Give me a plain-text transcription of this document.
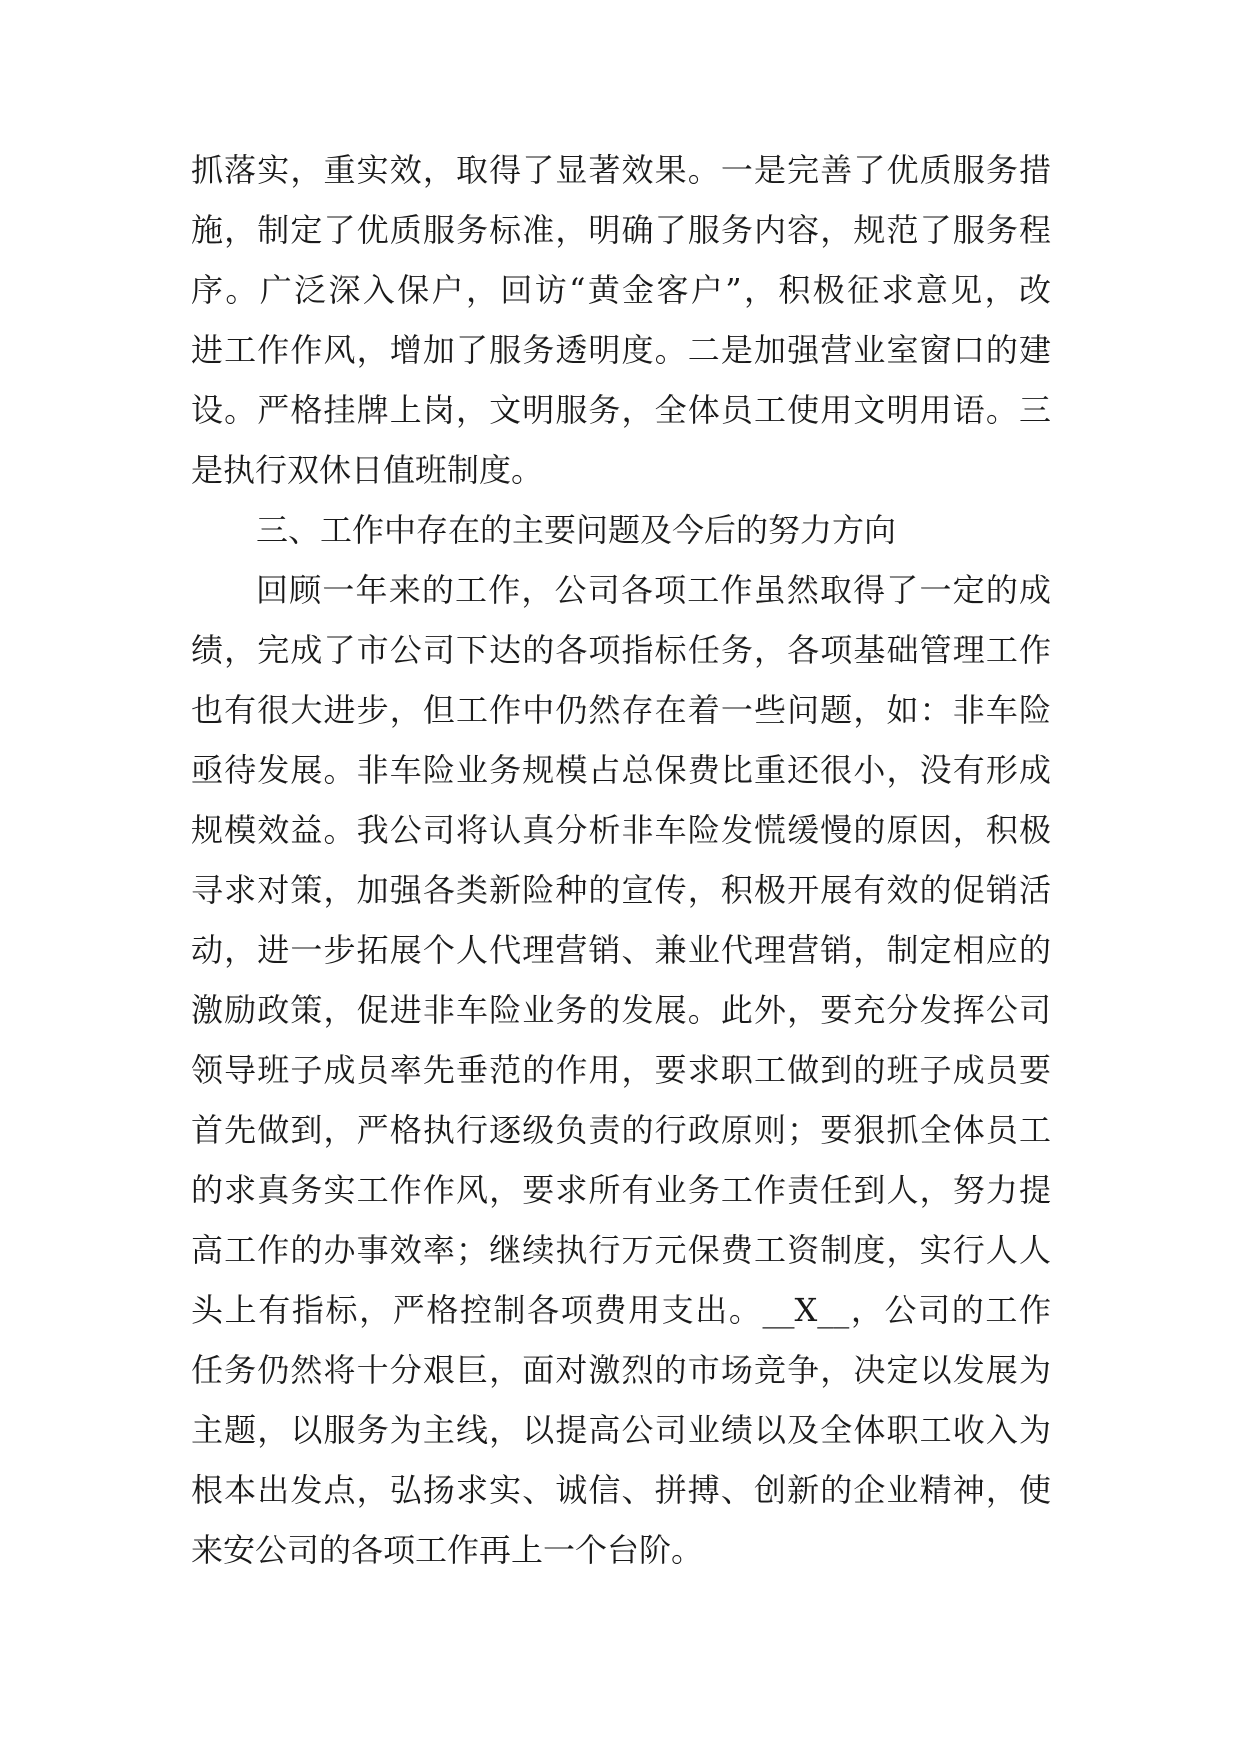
抓落实，重实效，取得了显著效果。一是完善了优质服务措
施，制定了优质服务标准，明确了服务内容，规范了服务程
序。广泛深入保户，回访“黄金客户”，积极征求意见，改
进工作作风，增加了服务透明度。二是加强营业室窗口的建
设。严格挂牌上岗，文明服务，全体员工使用文明用语。三
是执行双休日值班制度。
三、工作中存在的主要问题及今后的努力方向
回顾一年来的工作，公司各项工作虽然取得了一定的成
绩，完成了市公司下达的各项指标任务，各项基础管理工作
也有很大进步，但工作中仍然存在着一些问题，如：非车险
亟待发展。非车险业务规模占总保费比重还很小，没有形成
规模效益。我公司将认真分析非车险发慌缓慢的原因，积极
寻求对策，加强各类新险种的宣传，积极开展有效的促销活
动，进一步拓展个人代理营销、兼业代理营销，制定相应的
激励政策，促进非车险业务的发展。此外，要充分发挥公司
领导班子成员率先垂范的作用，要求职工做到的班子成员要
首先做到，严格执行逐级负责的行政原则；要狠抓全体员工
的求真务实工作作风，要求所有业务工作责任到人，努力提
高工作的办事效率；继续执行万元保费工资制度，实行人人
头上有指标，严格控制各项费用支出。__X__，公司的工作
任务仍然将十分艰巨，面对激烈的市场竞争，决定以发展为
主题，以服务为主线，以提高公司业绩以及全体职工收入为
根本出发点，弘扬求实、诚信、拼搏、创新的企业精神，使
来安公司的各项工作再上一个台阶。
